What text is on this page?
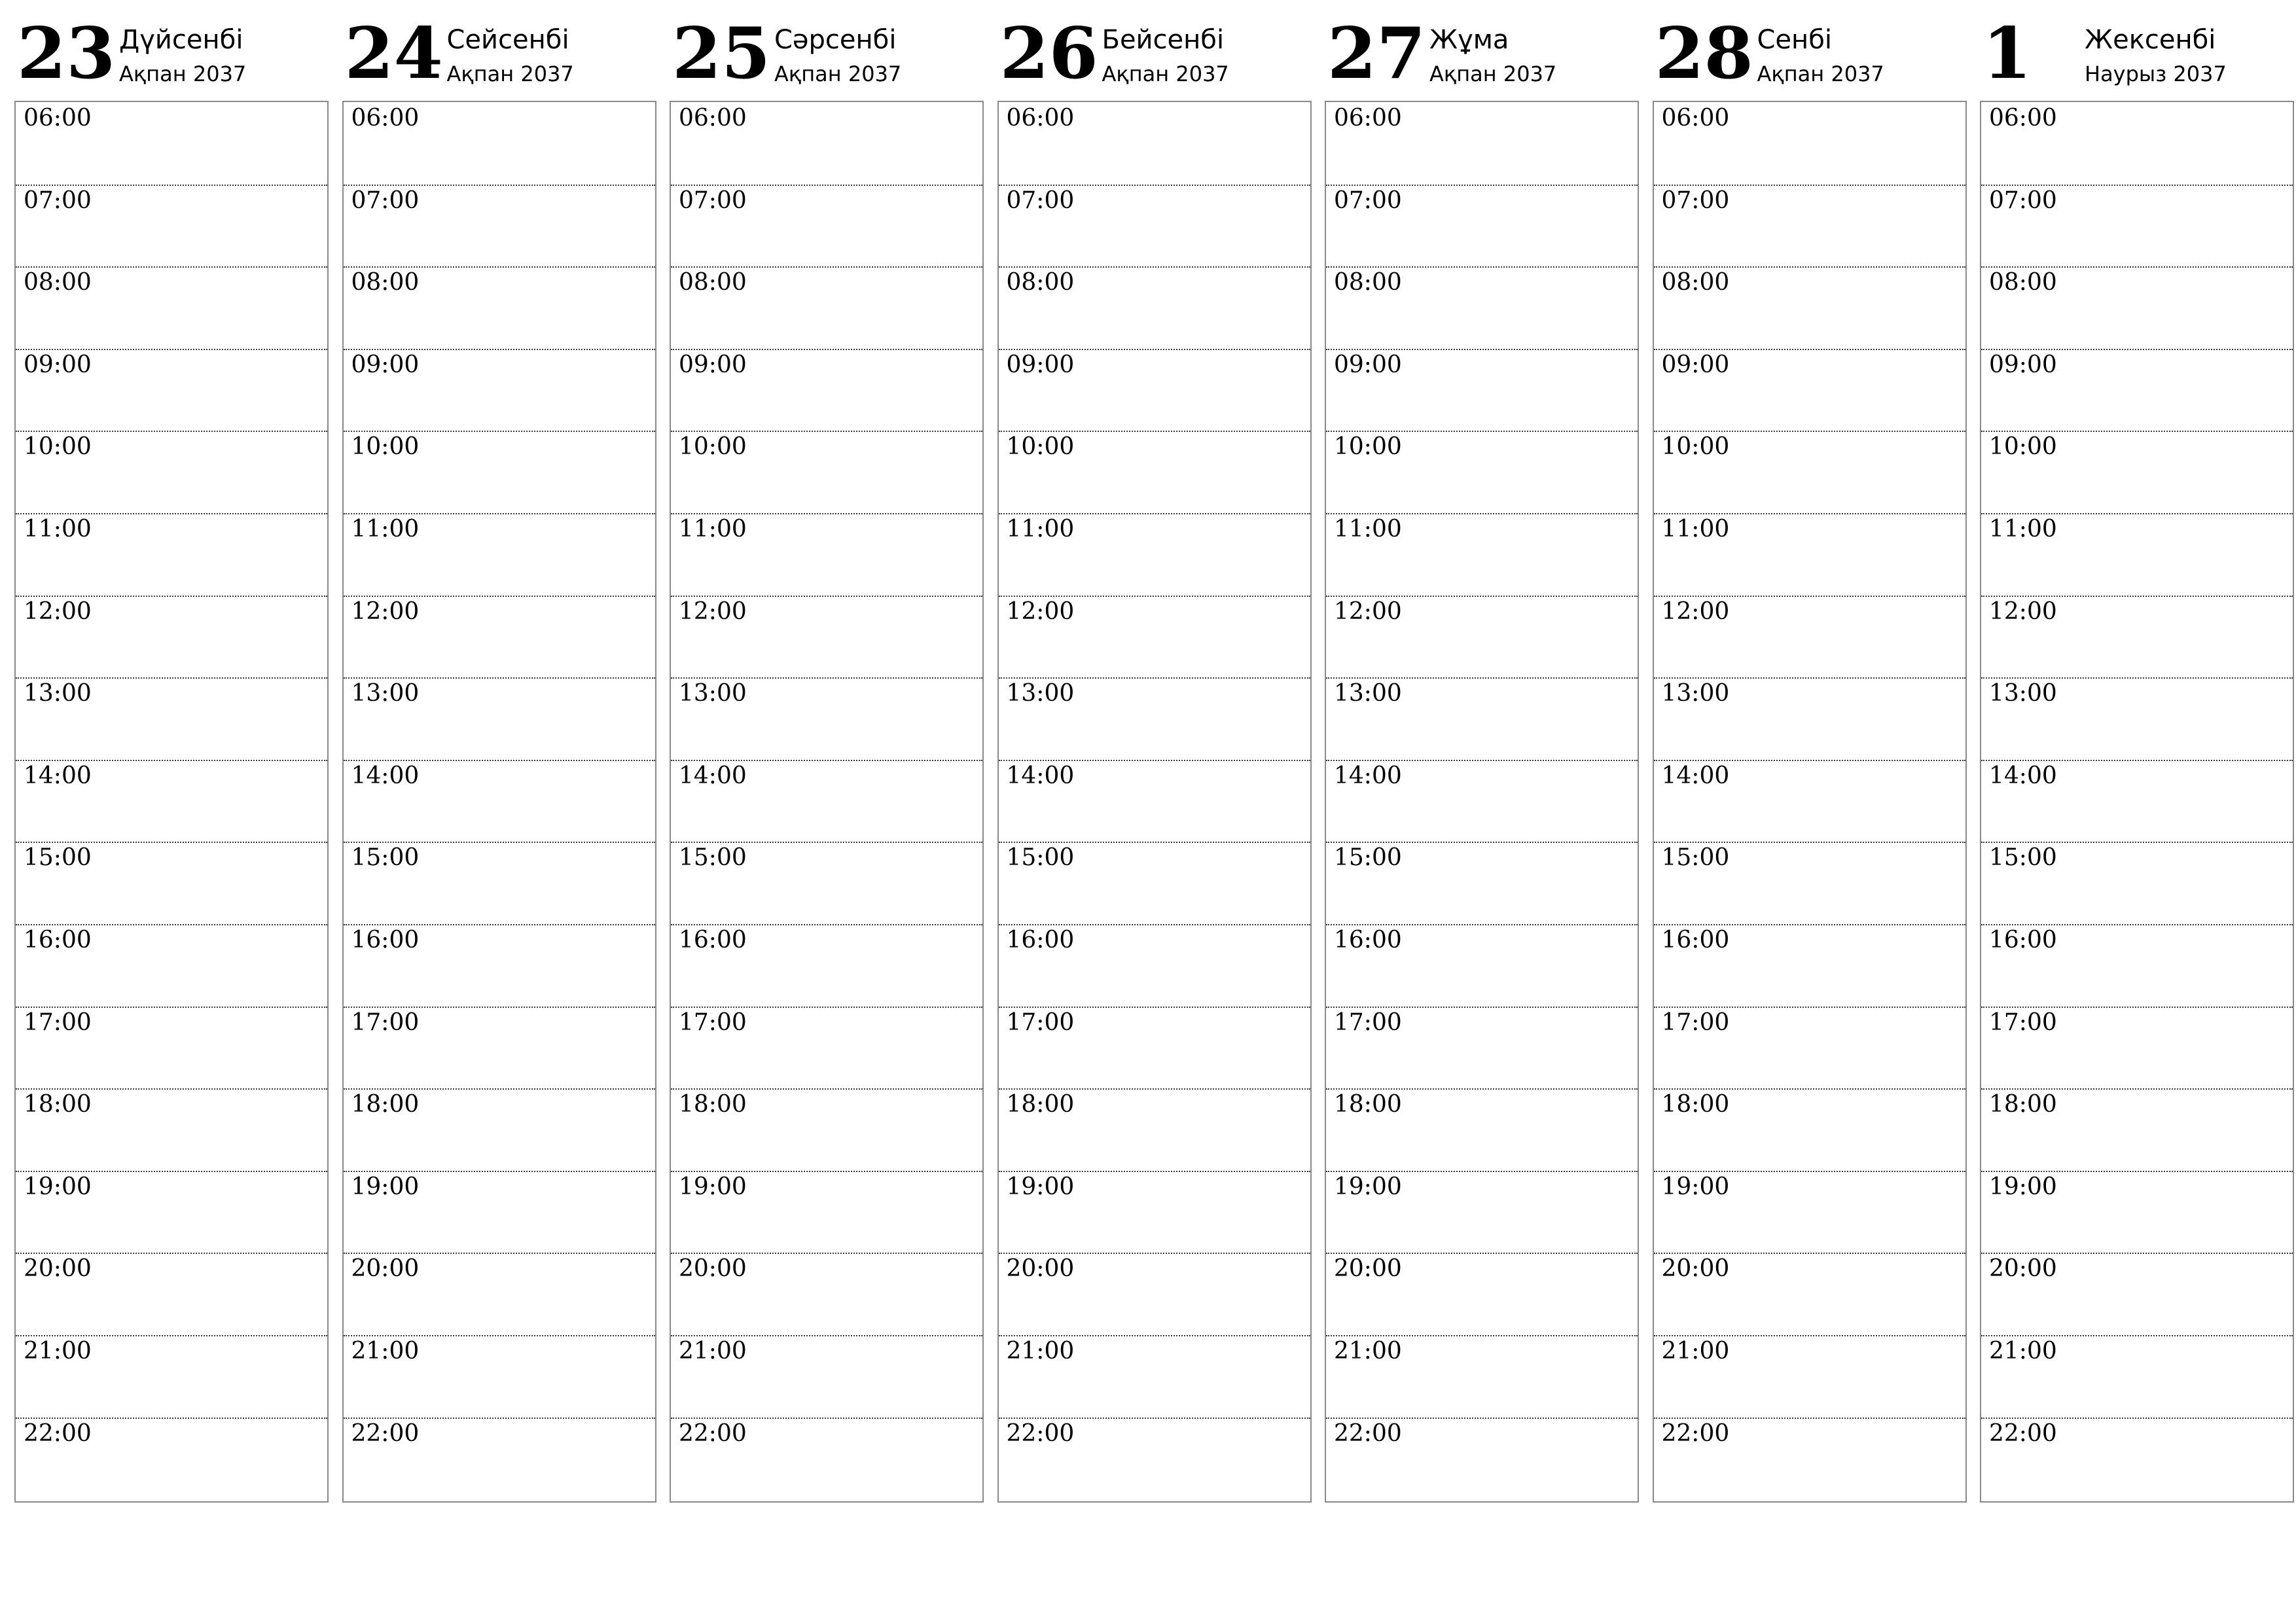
23 Дүйсенбі
Ақпан 2037
06:00
07:00
08:00
09:00
10:00
11:00
12:00
13:00
14:00
15:00
16:00
17:00
18:00
19:00
20:00
21:00
22:00
24 Сейсенбі
Ақпан 2037
06:00
07:00
08:00
09:00
10:00
11:00
12:00
13:00
14:00
15:00
16:00
17:00
18:00
19:00
20:00
21:00
22:00
25 Сәрсенбі
Ақпан 2037
06:00
07:00
08:00
09:00
10:00
11:00
12:00
13:00
14:00
15:00
16:00
17:00
18:00
19:00
20:00
21:00
22:00
26 Бейсенбі
Ақпан 2037
06:00
07:00
08:00
09:00
10:00
11:00
12:00
13:00
14:00
15:00
16:00
17:00
18:00
19:00
20:00
21:00
22:00
27 Жұма
Ақпан 2037
06:00
07:00
08:00
09:00
10:00
11:00
12:00
13:00
14:00
15:00
16:00
17:00
18:00
19:00
20:00
21:00
22:00
28 Сенбі
Ақпан 2037
06:00
07:00
08:00
09:00
10:00
11:00
12:00
13:00
14:00
15:00
16:00
17:00
18:00
19:00
20:00
21:00
22:00
1 Жексенбі
Наурыз 2037
06:00
07:00
08:00
09:00
10:00
11:00
12:00
13:00
14:00
15:00
16:00
17:00
18:00
19:00
20:00
21:00
22:00
